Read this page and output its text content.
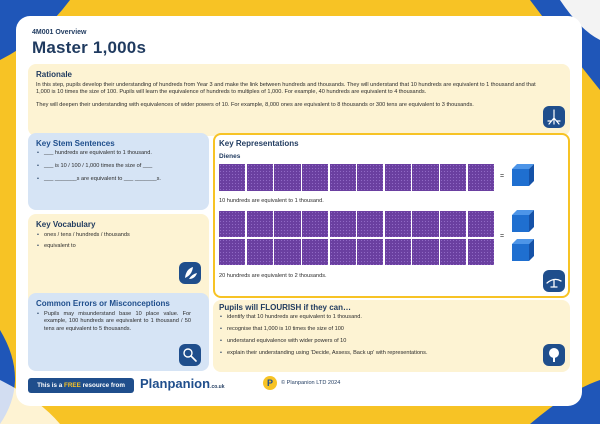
4M001 Overview
Master 1,000s
Rationale
In this step, pupils develop their understanding of hundreds from Year 3 and make the link between hundreds and thousands. They will understand that 10 hundreds are equivalent to 1 thousand and that 1,000 is 10 times the size of 100. Pupils will learn the equivalence of hundreds to multiples of 1,000. For example, 40 hundreds are equivalent to 4 thousands.
They will deepen their understanding with equivalences of wider powers of 10. For example, 8,000 ones are equivalent to 8 thousands or 300 tens are equivalent to 3 thousands.
Key Stem Sentences
• ___ hundreds are equivalent to 1 thousand.
• ___ is 10 / 100 / 1,000 times the size of ___
• ___ _______s are equivalent to ___ _______s.
Key Vocabulary
• ones / tens / hundreds / thousands
• equivalent to
Common Errors or Misconceptions
• Pupils may misunderstand base 10 place value. For example, 100 hundreds are equivalent to 1 thousand / 50 tens are equivalent to 5 thousands.
Key Representations
Dienes
=
10 hundreds are equivalent to 1 thousand.
=
20 hundreds are equivalent to 2 thousands.
Pupils will FLOURISH if they can…
• identify that 10 hundreds are equivalent to 1 thousand.
• recognise that 1,000 is 10 times the size of 100
• understand equivalence with wider powers of 10
• explain their understanding using 'Decide, Assess, Back up' with representations.
This is a FREE resource from	Planpanion.co.uk	P	© Planpanion LTD 2024
